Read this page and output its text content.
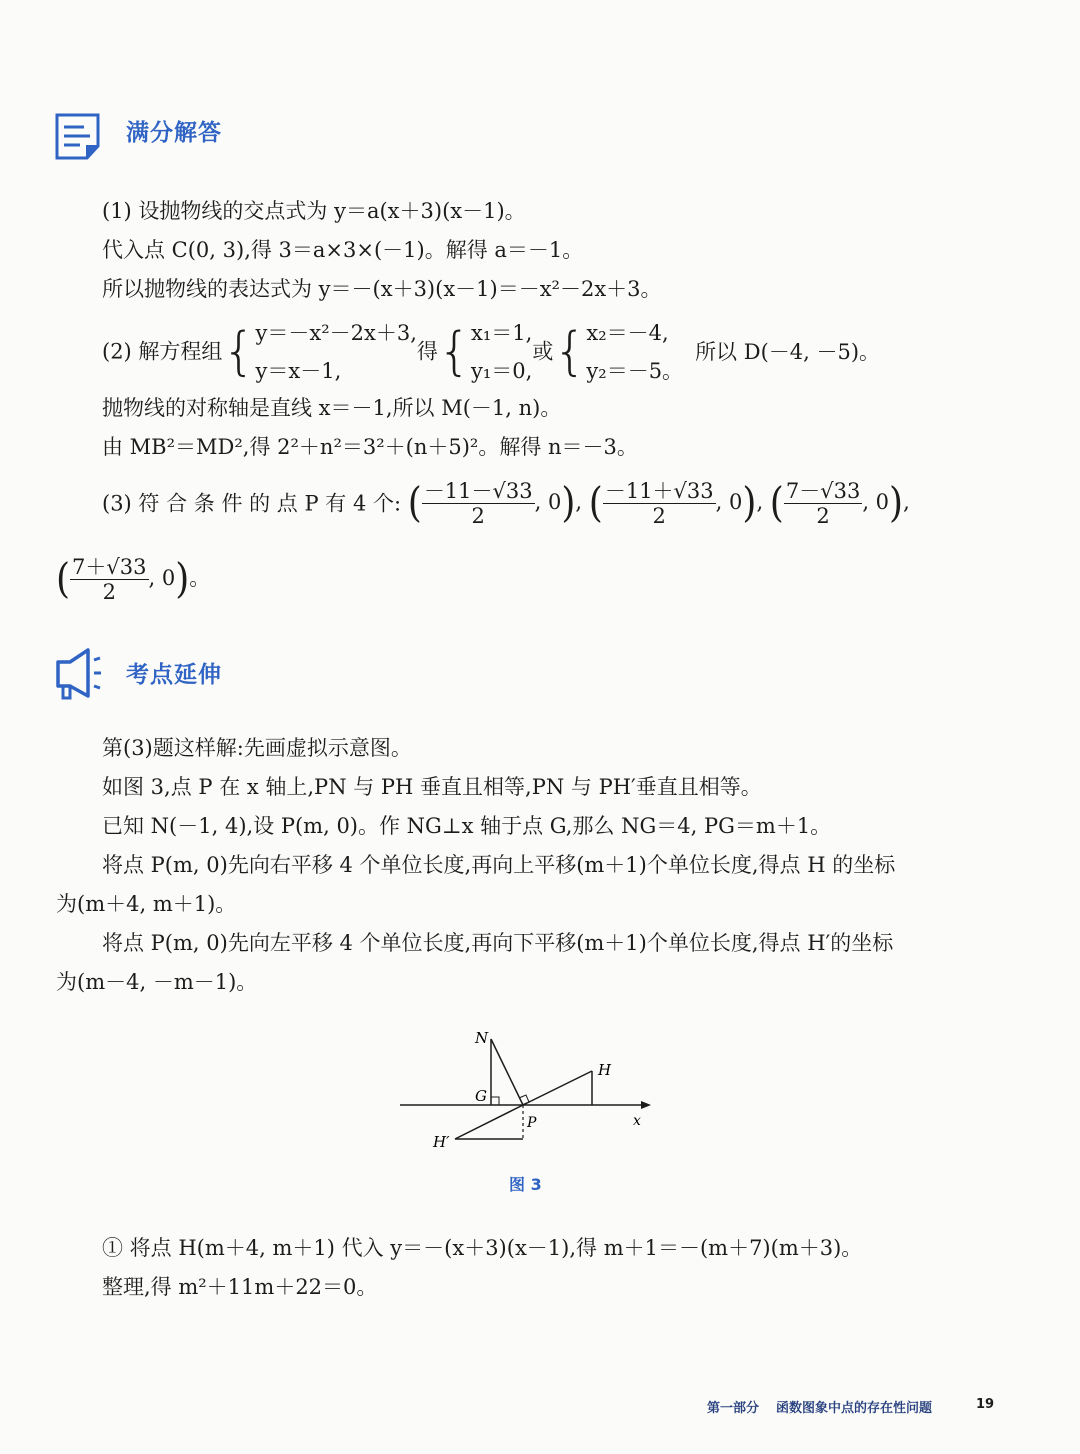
满分解答
(1) 设抛物线的交点式为 y＝a(x＋3)(x－1)。
代入点 C(0, 3),得 3＝a×3×(－1)。解得 a＝－1。
所以抛物线的表达式为 y＝－(x＋3)(x－1)＝－x²－2x＋3。
(2) 解方程组{ y＝－x²－2x＋3,
y＝x－1,
得{ x₁＝1,
y₁＝0,
或{ x₂＝－4,
y₂＝－5。
所以 D(－4, －5)。
抛物线的对称轴是直线 x＝－1,所以 M(－1, n)。
由 MB²＝MD²,得 2²＋n²＝3²＋(n＋5)²。解得 n＝－3。
(3) 符 合 条 件 的 点 P 有 4 个: ( $\frac{-11-√33}{2}$ , 0), ( $\frac{-11+√33}{2}$ , 0), ( $\frac{7-√33}{2}$ , 0),
( $\frac{7+√33}{2}$ , 0)。
考点延伸
第(3)题这样解:先画虚拟示意图。
如图 3,点 P 在 x 轴上,PN 与 PH 垂直且相等,PN 与 PH′垂直且相等。
已知 N(－1, 4),设 P(m, 0)。作 NG⊥x 轴于点 G,那么 NG＝4, PG＝m＋1。
将点 P(m, 0)先向右平移 4 个单位长度,再向上平移(m＋1)个单位长度,得点 H 的坐标
为(m＋4, m＋1)。
将点 P(m, 0)先向左平移 4 个单位长度,再向下平移(m＋1)个单位长度,得点 H′的坐标
为(m－4, －m－1)。
N
G
H
P	x
H′
图 3
① 将点 H(m＋4, m＋1) 代入 y＝－(x＋3)(x－1),得 m＋1＝－(m＋7)(m＋3)。
整理,得 m²＋11m＋22＝0。
第一部分 函数图象中点的存在性问题	19
